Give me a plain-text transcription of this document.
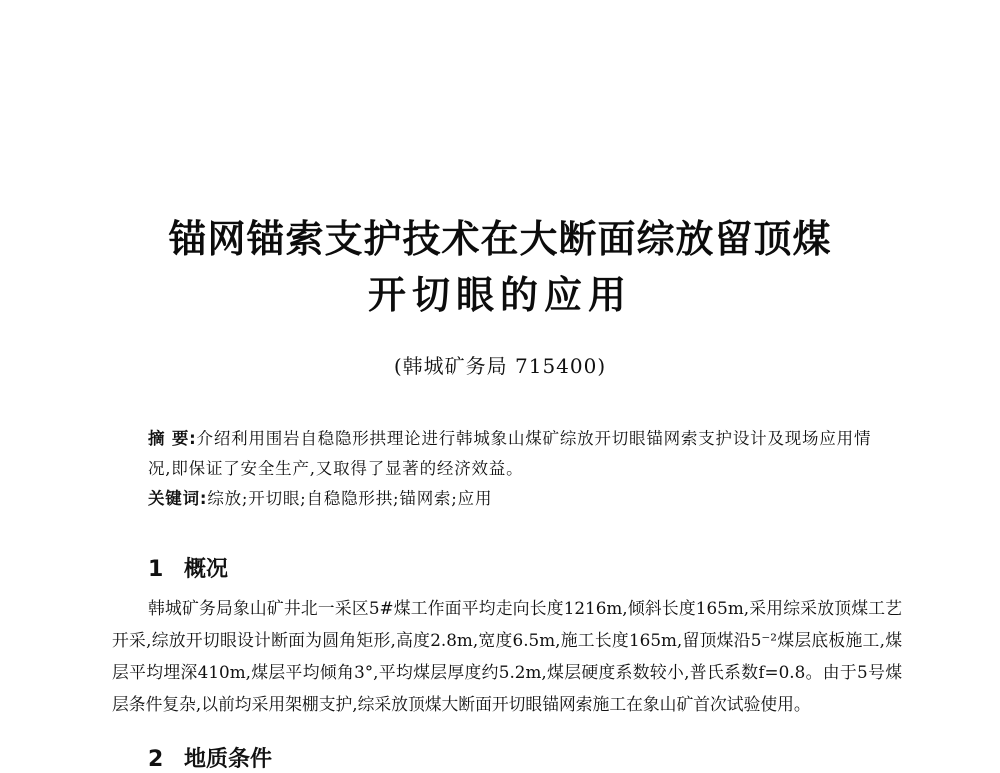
锚网锚索支护技术在大断面综放留顶煤
开切眼的应用
(韩城矿务局 715400)
摘 要:介绍利用围岩自稳隐形拱理论进行韩城象山煤矿综放开切眼锚网索支护设计及现场应用情况,即保证了安全生产,又取得了显著的经济效益。
关键词:综放;开切眼;自稳隐形拱;锚网索;应用
1 概况
韩城矿务局象山矿井北一采区5#煤工作面平均走向长度1216m,倾斜长度165m,采用综采放顶煤工艺开采,综放开切眼设计断面为圆角矩形,高度2.8m,宽度6.5m,施工长度165m,留顶煤沿5⁻²煤层底板施工,煤层平均埋深410m,煤层平均倾角3°,平均煤层厚度约5.2m,煤层硬度系数较小,普氏系数f=0.8。由于5号煤层条件复杂,以前均采用架棚支护,综采放顶煤大断面开切眼锚网索施工在象山矿首次试验使用。
2 地质条件
